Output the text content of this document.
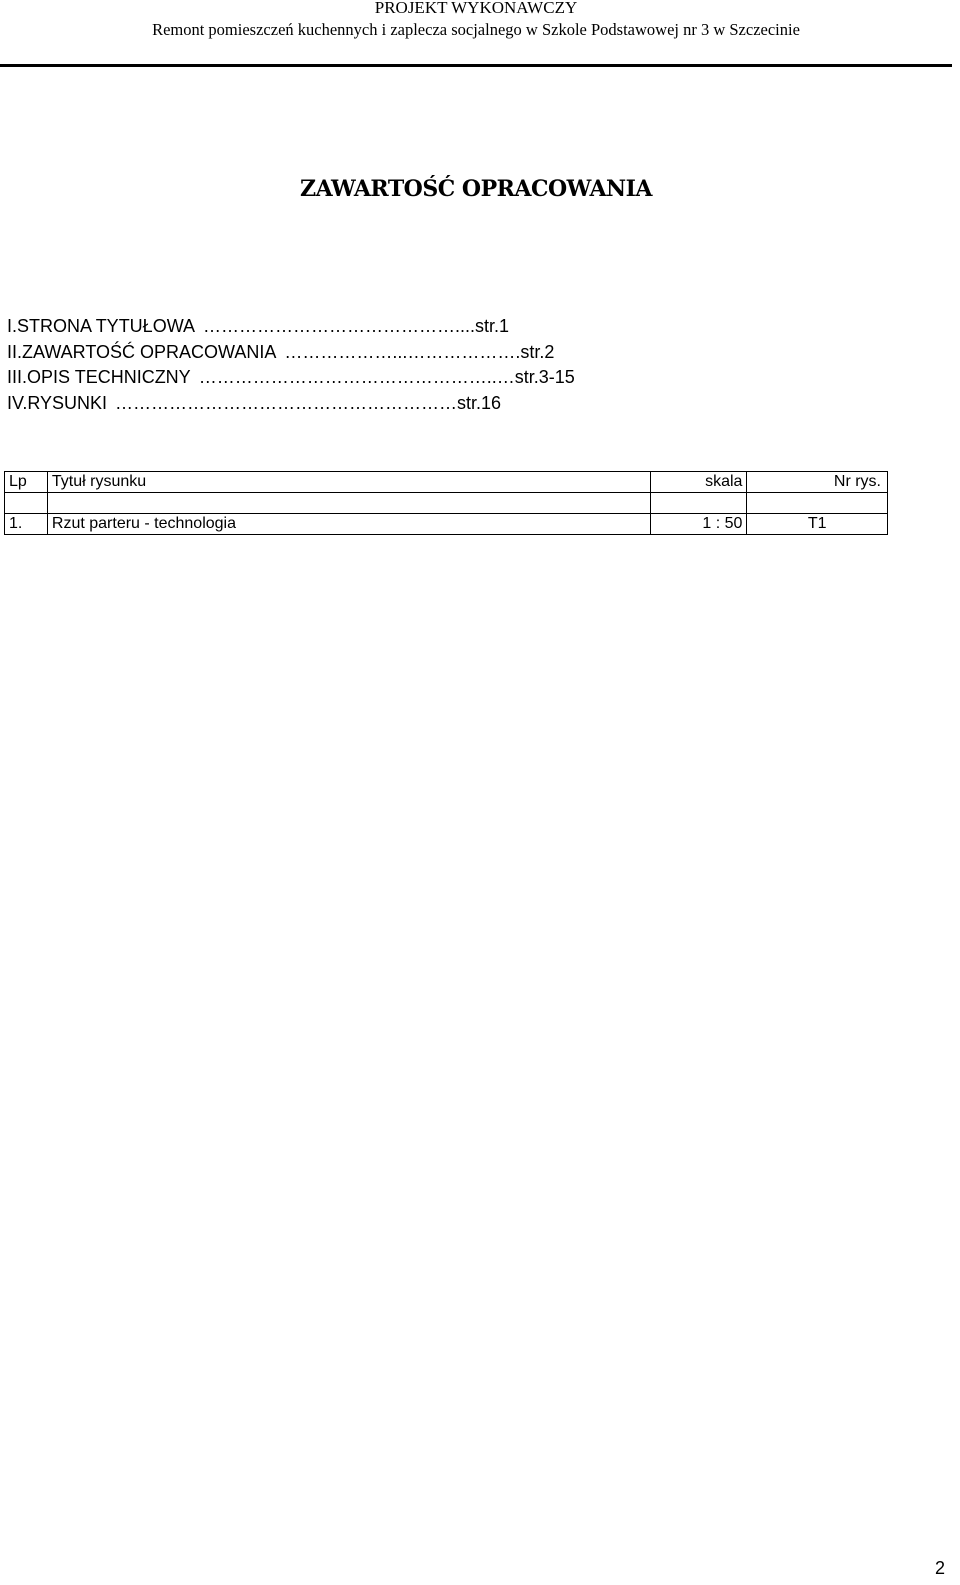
PROJEKT WYKONAWCZY
Remont pomieszczeń kuchennych i zaplecza socjalnego w Szkole Podstawowej nr 3 w Szczecinie
ZAWARTOŚĆ OPRACOWANIA
I.STRONA TYTUŁOWA …………………………………….... str.1
II.ZAWARTOŚĆ OPRACOWANIA ………………...………………. str.2
III.OPIS TECHNICZNY …………………………………………..… str.3-15
IV.RYSUNKI ………………………………………………… str.16
Lp	Tytuł rysunku	skala	Nr rys.

1.	Rzut parteru - technologia	1 : 50	T1
2
